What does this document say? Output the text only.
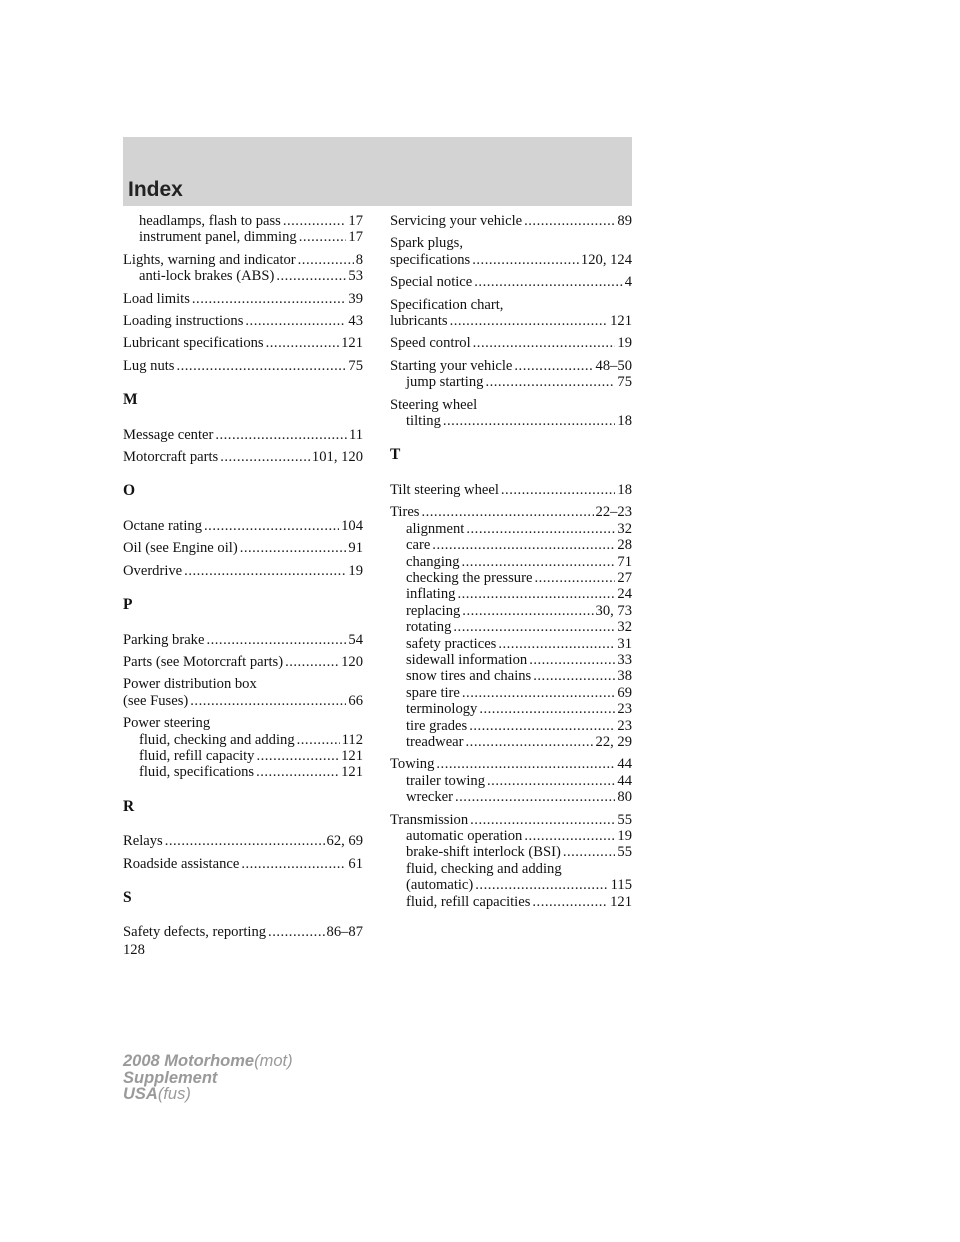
Index
headlamps, flash to pass .....	17
instrument panel, dimming .....	17
Lights, warning and indicator .....	8
anti-lock brakes (ABS) .....	53
Load limits .....	39
Loading instructions .....	43
Lubricant specifications .....	121
Lug nuts .....	75
M
Message center .....	11
Motorcraft parts .....	101, 120
O
Octane rating .....	104
Oil (see Engine oil) .....	91
Overdrive .....	19
P
Parking brake .....	54
Parts (see Motorcraft parts) .....	120
Power distribution box
(see Fuses) .....	66
Power steering
fluid, checking and adding .....	112
fluid, refill capacity .....	121
fluid, specifications .....	121
R
Relays .....	62, 69
Roadside assistance .....	61
S
Safety defects, reporting .....	86–87
Servicing your vehicle .....	89
Spark plugs,
specifications .....	120, 124
Special notice .....	4
Specification chart,
lubricants .....	121
Speed control .....	19
Starting your vehicle .....	48–50
jump starting .....	75
Steering wheel
tilting .....	18
T
Tilt steering wheel .....	18
Tires .....	22–23
alignment .....	32
care .....	28
changing .....	71
checking the pressure .....	27
inflating .....	24
replacing .....	30, 73
rotating .....	32
safety practices .....	31
sidewall information .....	33
snow tires and chains .....	38
spare tire .....	69
terminology .....	23
tire grades .....	23
treadwear .....	22, 29
Towing .....	44
trailer towing .....	44
wrecker .....	80
Transmission .....	55
automatic operation .....	19
brake-shift interlock (BSI) .....	55
fluid, checking and adding
(automatic) .....	115
fluid, refill capacities .....	121
128
2008 Motorhome(mot)
Supplement
USA(fus)
